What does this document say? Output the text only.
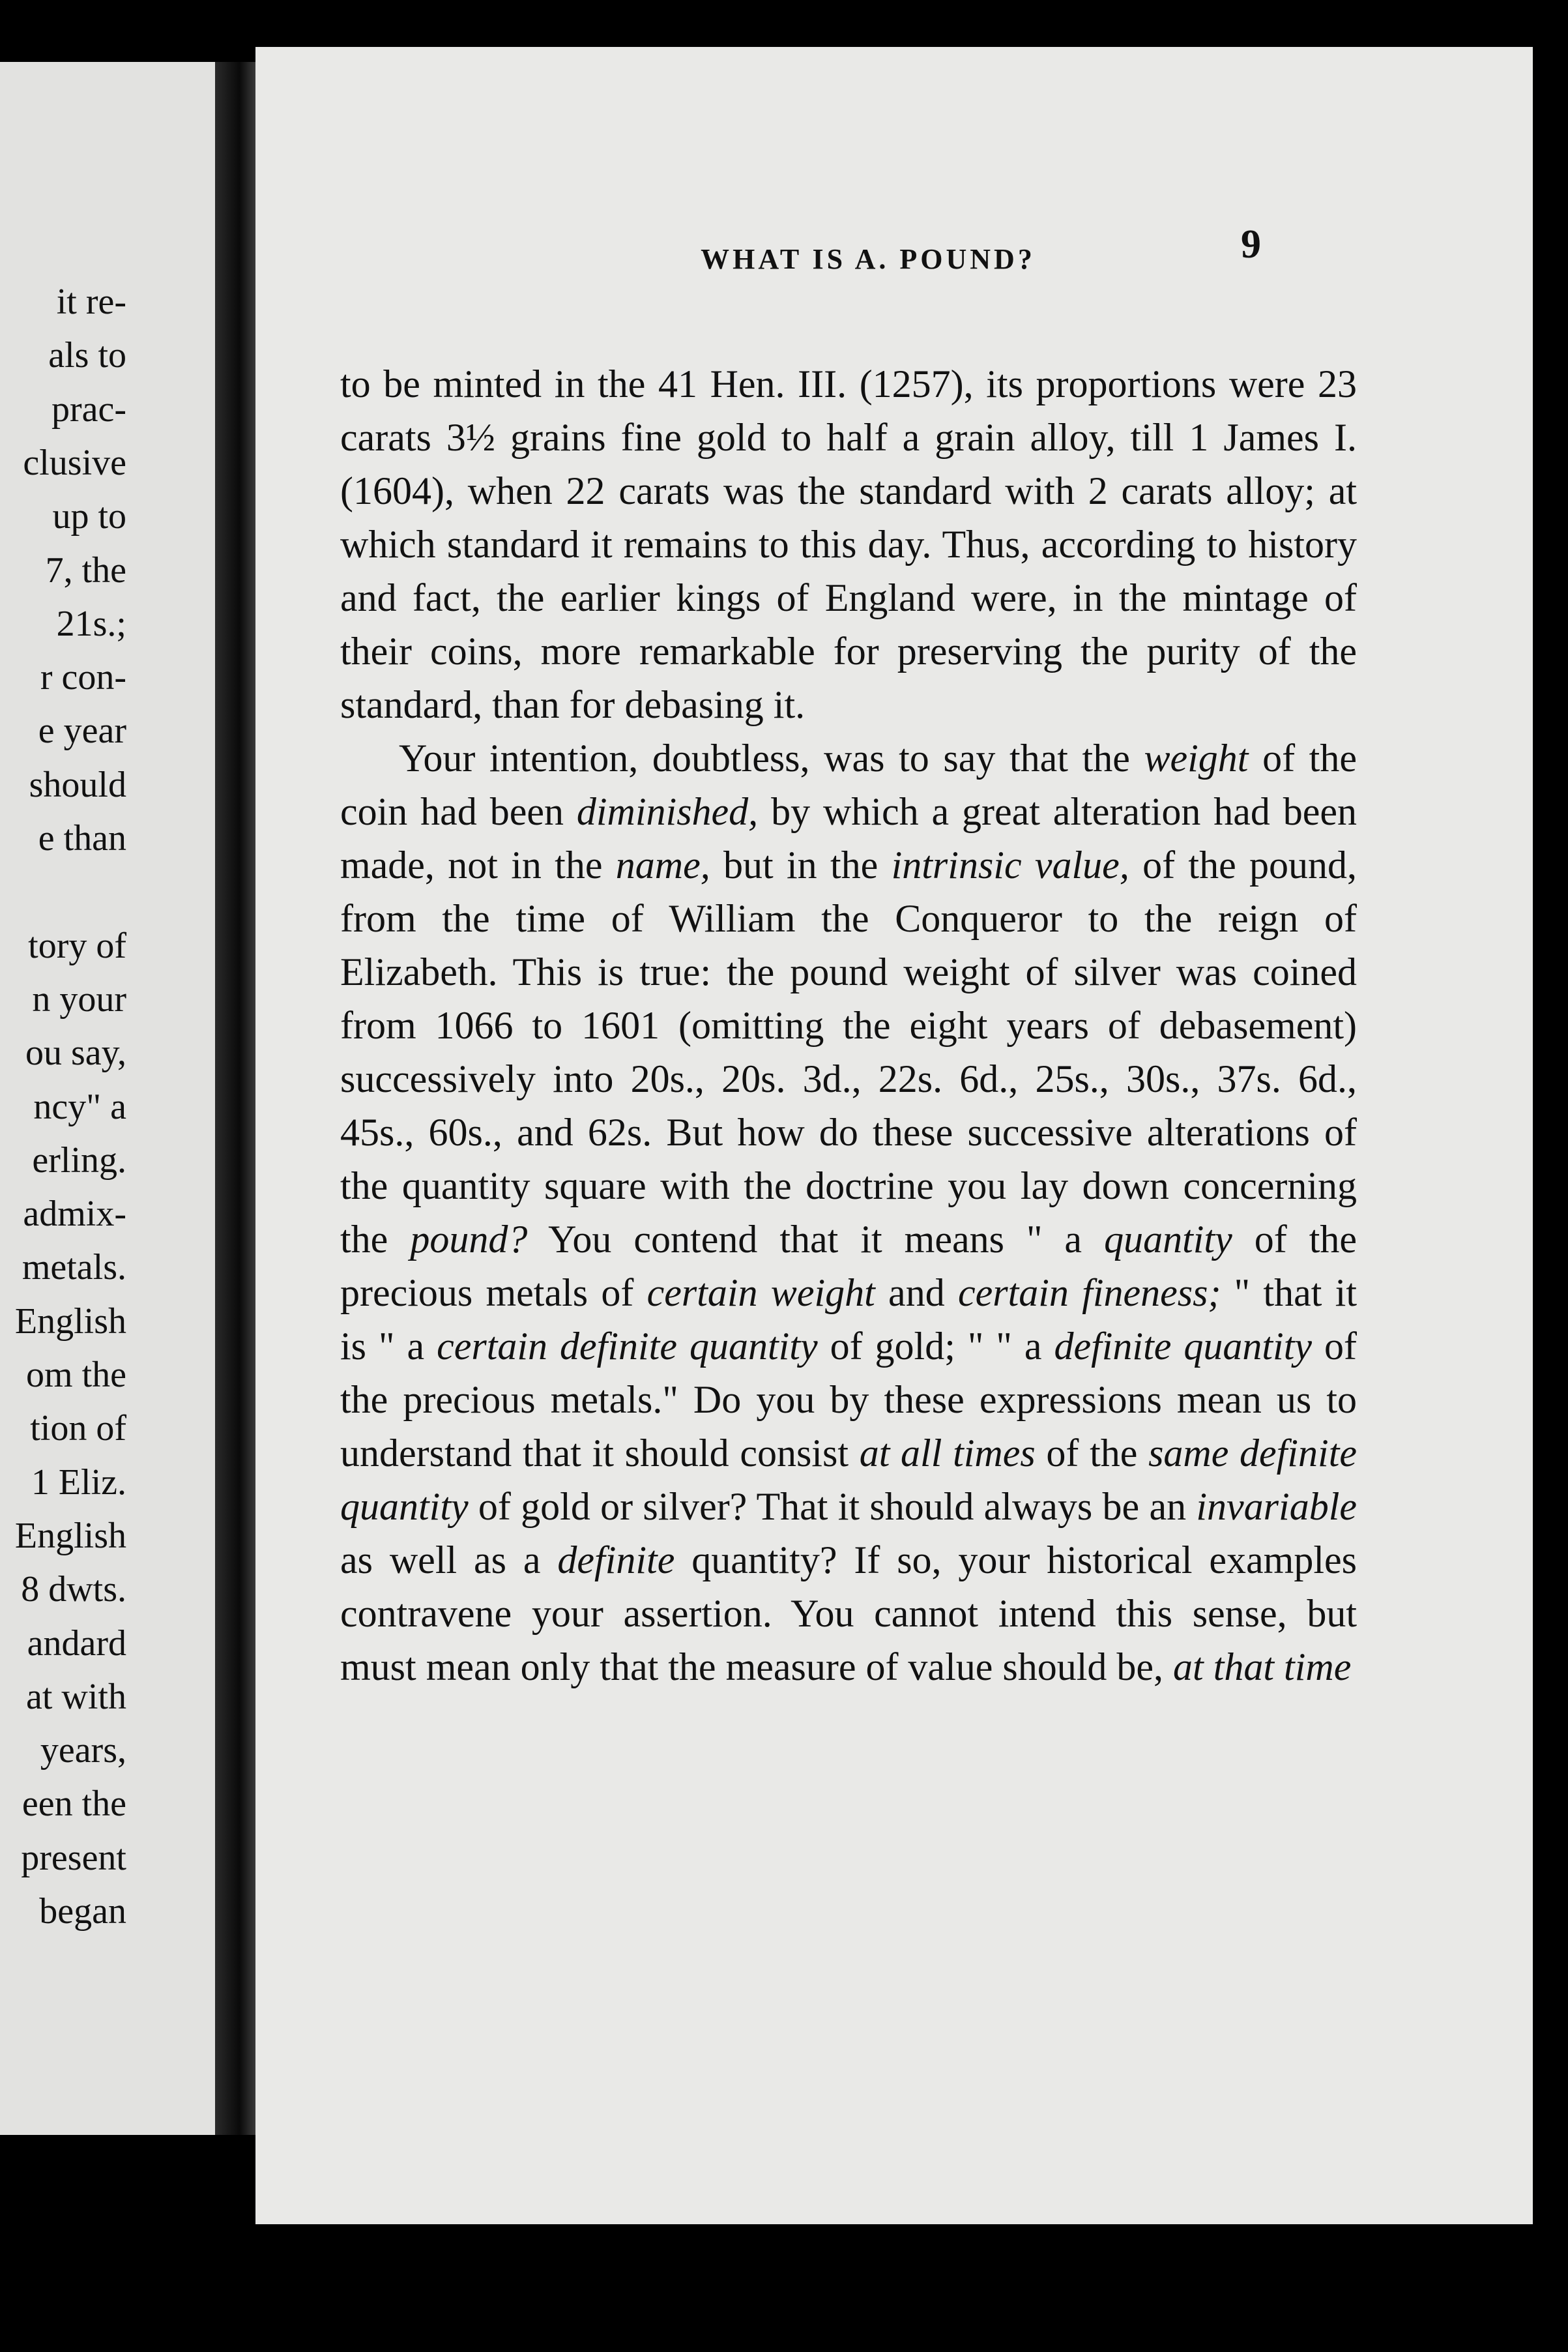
it re-
als to
prac-
clusive
up to
7, the
21s.;
r con-
e year
should
e than
tory of
n your
ou say,
ncy" a
erling.
admix-
metals.
English
om the
tion of
1 Eliz.
English
8 dwts.
andard
at with
years,
een the
present
began
WHAT IS A. POUND?	9

to be minted in the 41 Hen. III. (1257), its proportions were 23 carats 3½ grains fine gold to half a grain alloy, till 1 James I. (1604), when 22 carats was the standard with 2 carats alloy; at which standard it remains to this day. Thus, according to history and fact, the earlier kings of England were, in the mintage of their coins, more remarkable for preserving the purity of the standard, than for debasing it.

Your intention, doubtless, was to say that the weight of the coin had been diminished, by which a great alteration had been made, not in the name, but in the intrinsic value, of the pound, from the time of William the Conqueror to the reign of Elizabeth. This is true: the pound weight of silver was coined from 1066 to 1601 (omitting the eight years of debasement) successively into 20s., 20s. 3d., 22s. 6d., 25s., 30s., 37s. 6d., 45s., 60s., and 62s. But how do these successive alterations of the quantity square with the doctrine you lay down concerning the pound? You contend that it means " a quantity of the precious metals of certain weight and certain fineness; " that it is " a certain definite quantity of gold; " " a definite quantity of the precious metals." Do you by these expressions mean us to understand that it should consist at all times of the same definite quantity of gold or silver? That it should always be an invariable as well as a definite quantity? If so, your historical examples contravene your assertion. You cannot intend this sense, but must mean only that the measure of value should be, at that time
